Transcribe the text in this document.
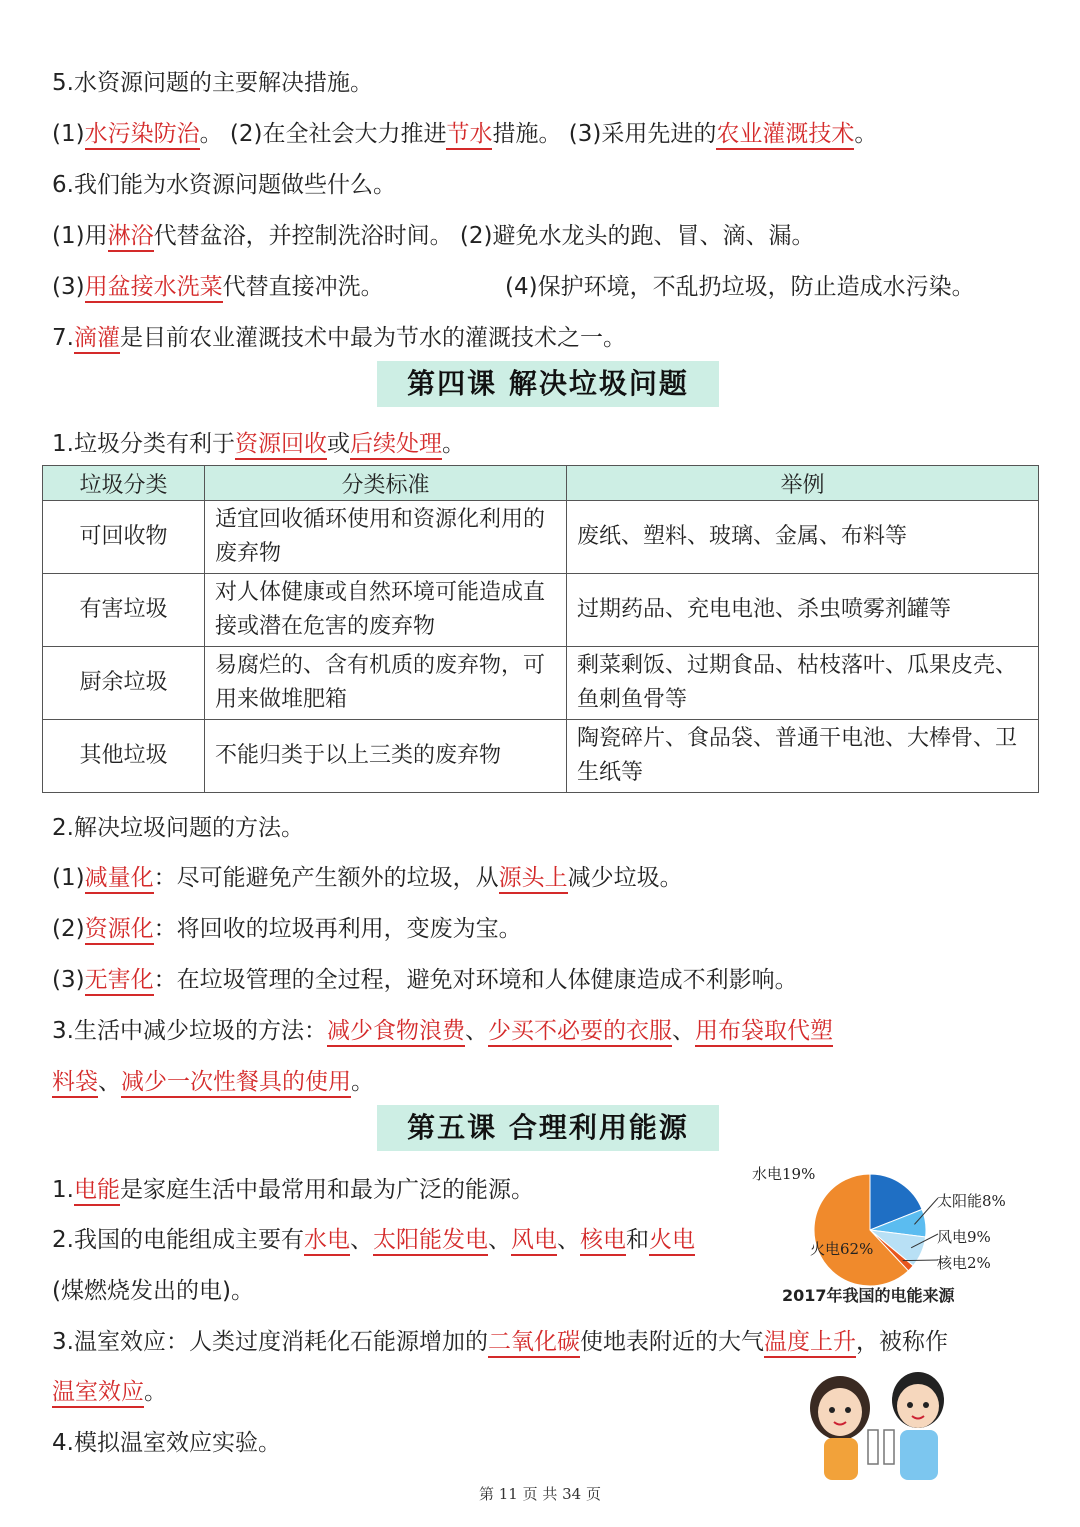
5.水资源问题的主要解决措施。
(1)水污染防治。 (2)在全社会大力推进节水措施。 (3)采用先进的农业灌溉技术。
6.我们能为水资源问题做些什么。
(1)用淋浴代替盆浴，并控制洗浴时间。 (2)避免水龙头的跑、冒、滴、漏。
(3)用盆接水洗菜代替直接冲洗。	(4)保护环境，不乱扔垃圾，防止造成水污染。
7.滴灌是目前农业灌溉技术中最为节水的灌溉技术之一。
第四课 解决垃圾问题
1.垃圾分类有利于资源回收或后续处理。
垃圾分类	分类标准	举例
可回收物	适宜回收循环使用和资源化利用的废弃物	废纸、塑料、玻璃、金属、布料等
有害垃圾	对人体健康或自然环境可能造成直接或潜在危害的废弃物	过期药品、充电电池、杀虫喷雾剂罐等
厨余垃圾	易腐烂的、含有机质的废弃物，可用来做堆肥箱	剩菜剩饭、过期食品、枯枝落叶、瓜果皮壳、鱼刺鱼骨等
其他垃圾	不能归类于以上三类的废弃物	陶瓷碎片、食品袋、普通干电池、大棒骨、卫生纸等
2.解决垃圾问题的方法。
(1)减量化：尽可能避免产生额外的垃圾，从源头上减少垃圾。
(2)资源化：将回收的垃圾再利用，变废为宝。
(3)无害化：在垃圾管理的全过程，避免对环境和人体健康造成不利影响。
3.生活中减少垃圾的方法：减少食物浪费、少买不必要的衣服、用布袋取代塑
料袋、减少一次性餐具的使用。
第五课 合理利用能源
1.电能是家庭生活中最常用和最为广泛的能源。
2.我国的电能组成主要有水电、太阳能发电、风电、核电和火电
(煤燃烧发出的电)。
3.温室效应：人类过度消耗化石能源增加的二氧化碳使地表附近的大气温度上升，被称作
温室效应。
4.模拟温室效应实验。
水电19%
太阳能8%
风电9%
核电2%
火电62%
2017年我国的电能来源
第 11 页 共 34 页
